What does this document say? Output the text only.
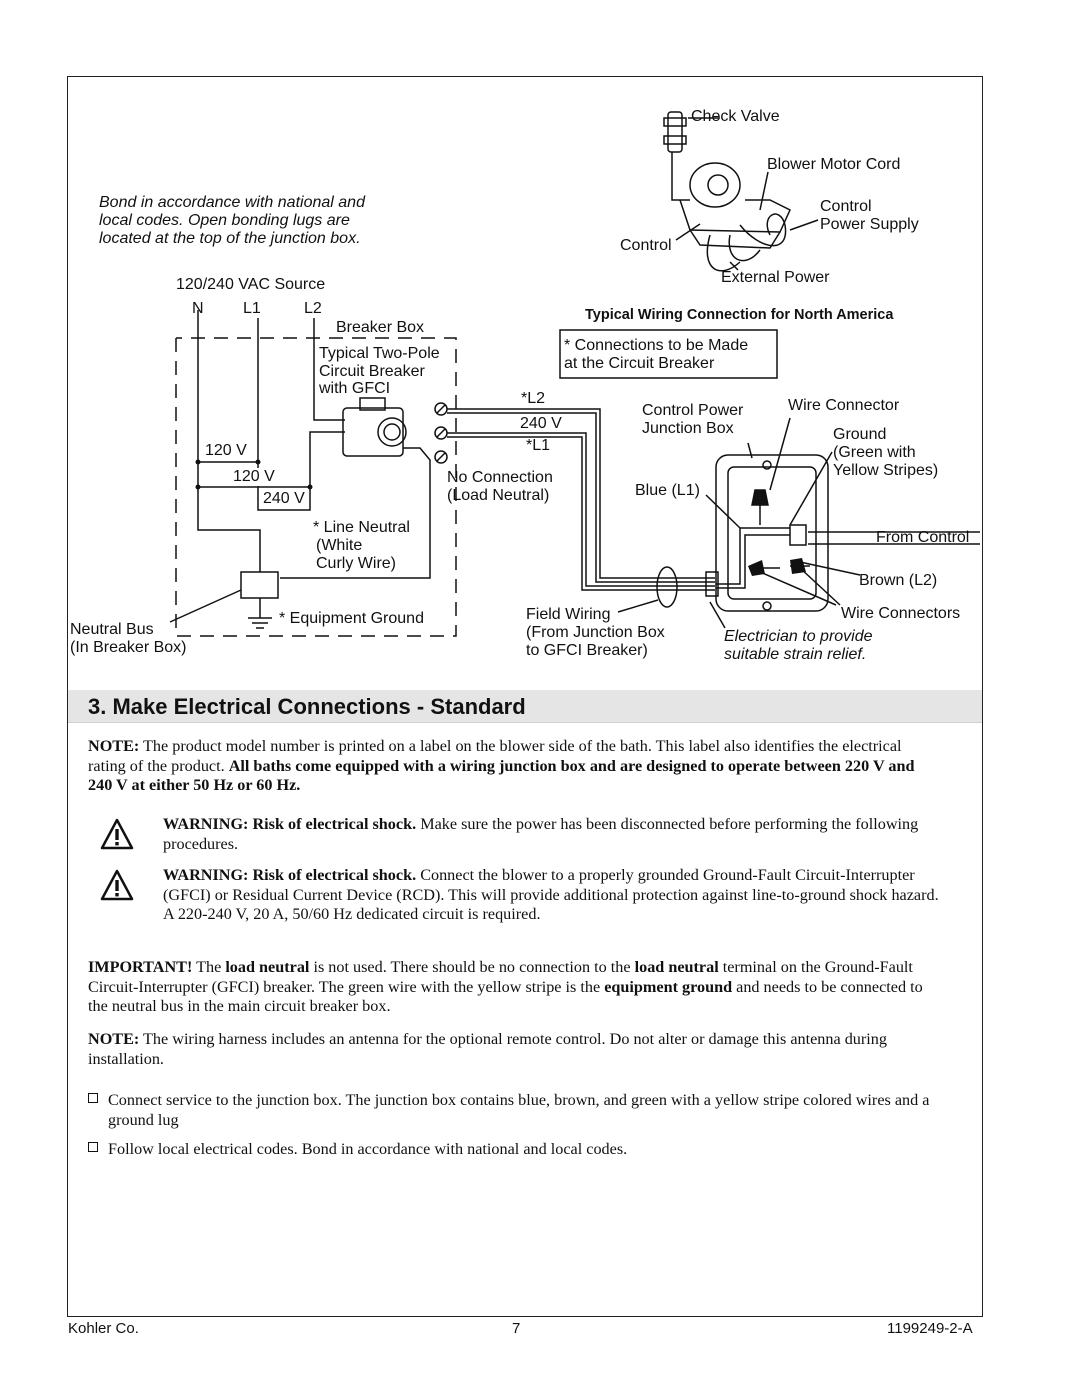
Check Valve
Blower Motor Cord
Control
Power Supply
Control
External Power
Bond in accordance with national and
local codes. Open bonding lugs are
located at the top of the junction box.
120/240 VAC Source
N L1	L2
Breaker Box
Typical Two-Pole
Circuit Breaker
with GFCI
120 V
120 V
240 V
* Line Neutral
(White
Curly Wire)
* Equipment Ground
Neutral Bus
(In Breaker Box)
*L2
240 V
*L1
No Connection
(Load Neutral)
Typical Wiring Connection for North America
* Connections to be Made
at the Circuit Breaker
Control Power
Junction Box
Wire Connector
Ground
(Green with
Yellow Stripes)
Blue (L1)
From Control
Brown (L2)
Field Wiring
(From Junction Box
to GFCI Breaker)
Wire Connectors
Electrician to provide
suitable strain relief.
3. Make Electrical Connections - Standard
NOTE: The product model number is printed on a label on the blower side of the bath. This label also identifies the electrical rating of the product. All baths come equipped with a wiring junction box and are designed to operate between 220 V and 240 V at either 50 Hz or 60 Hz.
WARNING: Risk of electrical shock. Make sure the power has been disconnected before performing the following procedures.
WARNING: Risk of electrical shock. Connect the blower to a properly grounded Ground-Fault Circuit-Interrupter (GFCI) or Residual Current Device (RCD). This will provide additional protection against line-to-ground shock hazard. A 220-240 V, 20 A, 50/60 Hz dedicated circuit is required.
IMPORTANT! The load neutral is not used. There should be no connection to the load neutral terminal on the Ground-Fault Circuit-Interrupter (GFCI) breaker. The green wire with the yellow stripe is the equipment ground and needs to be connected to the neutral bus in the main circuit breaker box.
NOTE: The wiring harness includes an antenna for the optional remote control. Do not alter or damage this antenna during installation.
Connect service to the junction box. The junction box contains blue, brown, and green with a yellow stripe colored wires and a ground lug
Follow local electrical codes. Bond in accordance with national and local codes.
Kohler Co.	7	1199249-2-A
